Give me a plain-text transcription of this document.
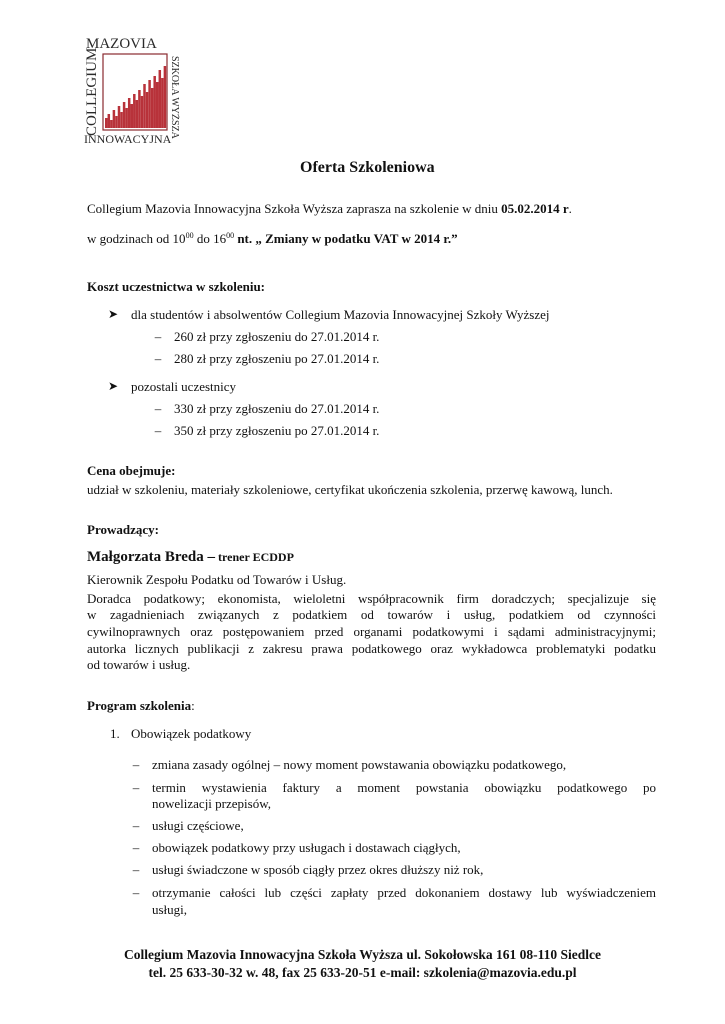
MAZOVIA
COLLEGIUM
INNOWACYJNA
SZKOŁA WYŻSZA
Oferta Szkoleniowa
Collegium Mazovia Innowacyjna Szkoła Wyższa zaprasza na szkolenie w dniu 05.02.2014 r.
w godzinach od $10^{00}$ do $16^{00}$ nt. „ Zmiany w podatku VAT w 2014 r.”
Koszt uczestnictwa w szkoleniu:
➤ dla studentów i absolwentów Collegium Mazovia Innowacyjnej Szkoły Wyższej
– 260 zł przy zgłoszeniu do 27.01.2014 r.
– 280 zł przy zgłoszeniu po 27.01.2014 r.
➤ pozostali uczestnicy
– 330 zł przy zgłoszeniu do 27.01.2014 r.
– 350 zł przy zgłoszeniu po 27.01.2014 r.
Cena obejmuje:
udział w szkoleniu, materiały szkoleniowe, certyfikat ukończenia szkolenia, przerwę kawową, lunch.
Prowadzący:
Małgorzata Breda – trener ECDDP
Kierownik Zespołu Podatku od Towarów i Usług.
Doradca podatkowy; ekonomista, wieloletni współpracownik firm doradczych; specjalizuje się
w zagadnieniach związanych z podatkiem od towarów i usług, podatkiem od czynności
cywilnoprawnych oraz postępowaniem przed organami podatkowymi i sądami administracyjnymi;
autorka licznych publikacji z zakresu prawa podatkowego oraz wykładowca problematyki podatku
od towarów i usług.
Program szkolenia:
1. Obowiązek podatkowy
– zmiana zasady ogólnej – nowy moment powstawania obowiązku podatkowego,
– termin wystawienia faktury a moment powstania obowiązku podatkowego po
nowelizacji przepisów,
– usługi częściowe,
– obowiązek podatkowy przy usługach i dostawach ciągłych,
– usługi świadczone w sposób ciągły przez okres dłuższy niż rok,
– otrzymanie całości lub części zapłaty przed dokonaniem dostawy lub wyświadczeniem
usługi,
Collegium Mazovia Innowacyjna Szkoła Wyższa ul. Sokołowska 161 08-110 Siedlce
tel. 25 633-30-32 w. 48, fax 25 633-20-51 e-mail: szkolenia@mazovia.edu.pl
